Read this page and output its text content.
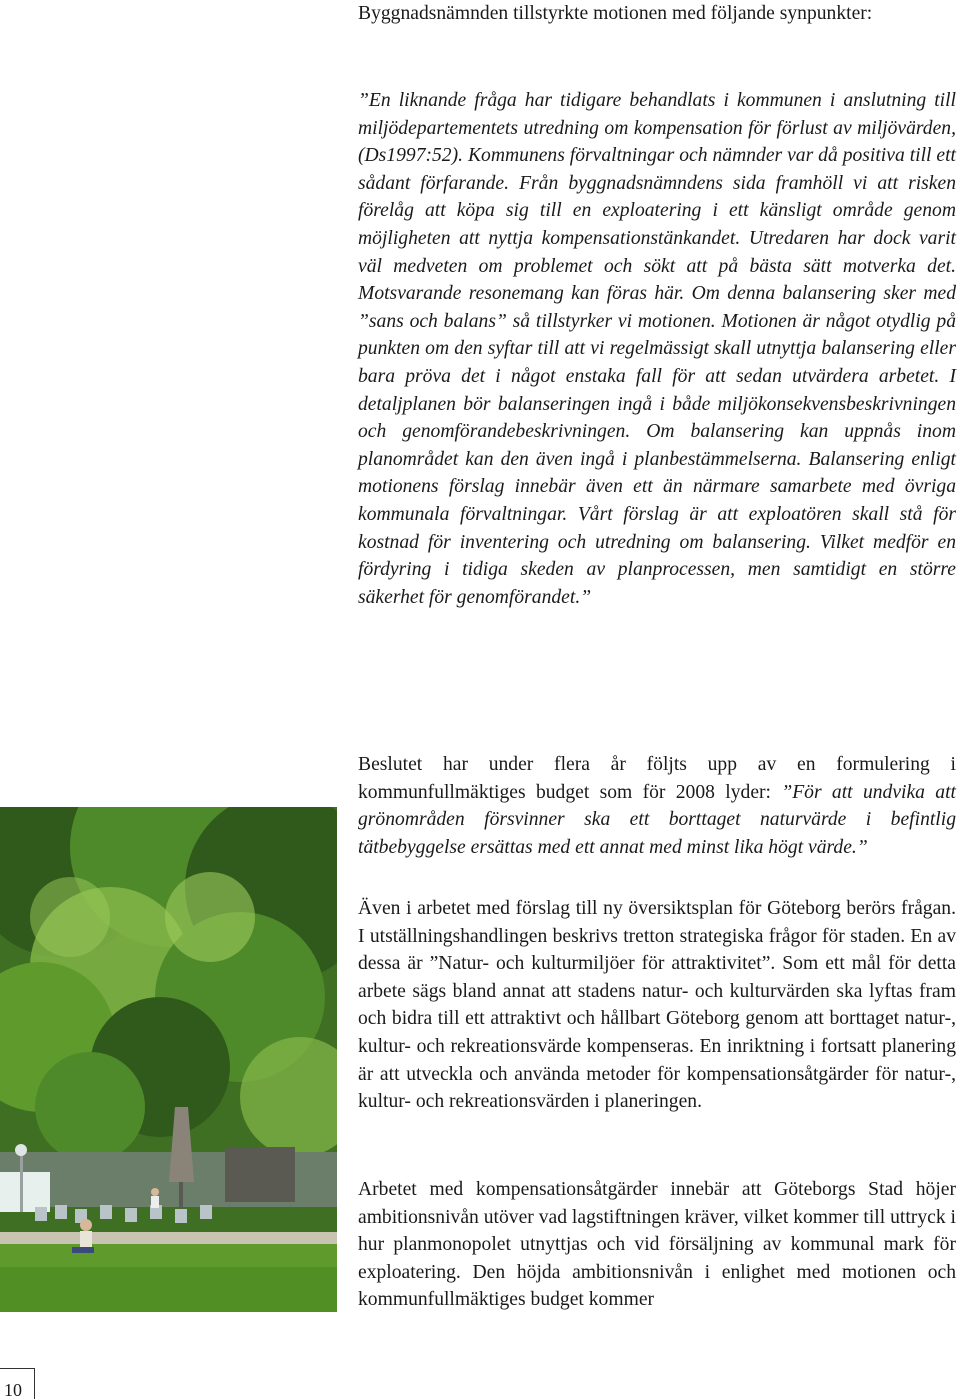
Byggnadsnämnden tillstyrkte motionen med följande synpunkter:

”En liknande fråga har tidigare behandlats i kommunen i anslutning till miljödepartementets utredning om kompensation för förlust av miljövärden, (Ds1997:52). Kommunens förvaltningar och nämnder var då positiva till ett sådant förfarande. Från byggnadsnämndens sida framhöll vi att risken förelåg att köpa sig till en exploatering i ett känsligt område genom möjligheten att nyttja kompensationstänkandet. Utredaren har dock varit väl medveten om problemet och sökt att på bästa sätt motverka det. Motsvarande resonemang kan föras här. Om denna balansering sker med ”sans och balans” så tillstyrker vi motionen. Motionen är något otydlig på punkten om den syftar till att vi regelmässigt skall utnyttja balansering eller bara pröva det i något enstaka fall för att sedan utvärdera arbetet. I detaljplanen bör balanseringen ingå i både miljökonsekvensbeskrivningen och genomförandebeskrivningen. Om balansering kan uppnås inom planområdet kan den även ingå i planbestämmelserna. Balansering enligt motionens förslag innebär även ett än närmare samarbete med övriga kommunala förvaltningar. Vårt förslag är att exploatören skall stå för kostnad för inventering och utredning om balansering. Vilket medför en fördyring i tidiga skeden av planprocessen, men samtidigt en större säkerhet för genomförandet.”

Beslutet har under flera år följts upp av en formulering i kommunfullmäktiges budget som för 2008 lyder: ”För att undvika att grönområden försvinner ska ett borttaget naturvärde i befintlig tätbebyggelse ersättas med ett annat med minst lika högt värde.”

Även i arbetet med förslag till ny översiktsplan för Göteborg berörs frågan. I utställningshandlingen beskrivs tretton strategiska frågor för staden. En av dessa är ”Natur- och kulturmiljöer för attraktivitet”. Som ett mål för detta arbete sägs bland annat att stadens natur- och kulturvärden ska lyftas fram och bidra till ett attraktivt och hållbart Göteborg genom att borttaget natur-, kultur- och rekreationsvärde kompenseras. En inriktning i fortsatt planering är att utveckla och använda metoder för kompensationsåtgärder för natur-, kultur- och rekreationsvärden i planeringen.

Arbetet med kompensationsåtgärder innebär att Göteborgs Stad höjer ambitionsnivån utöver vad lagstiftningen kräver, vilket kommer till uttryck i hur planmonopolet utnyttjas och vid försäljning av kommunal mark för exploatering. Den höjda ambitionsnivån i enlighet med motionen och kommunfullmäktiges budget kommer

10
